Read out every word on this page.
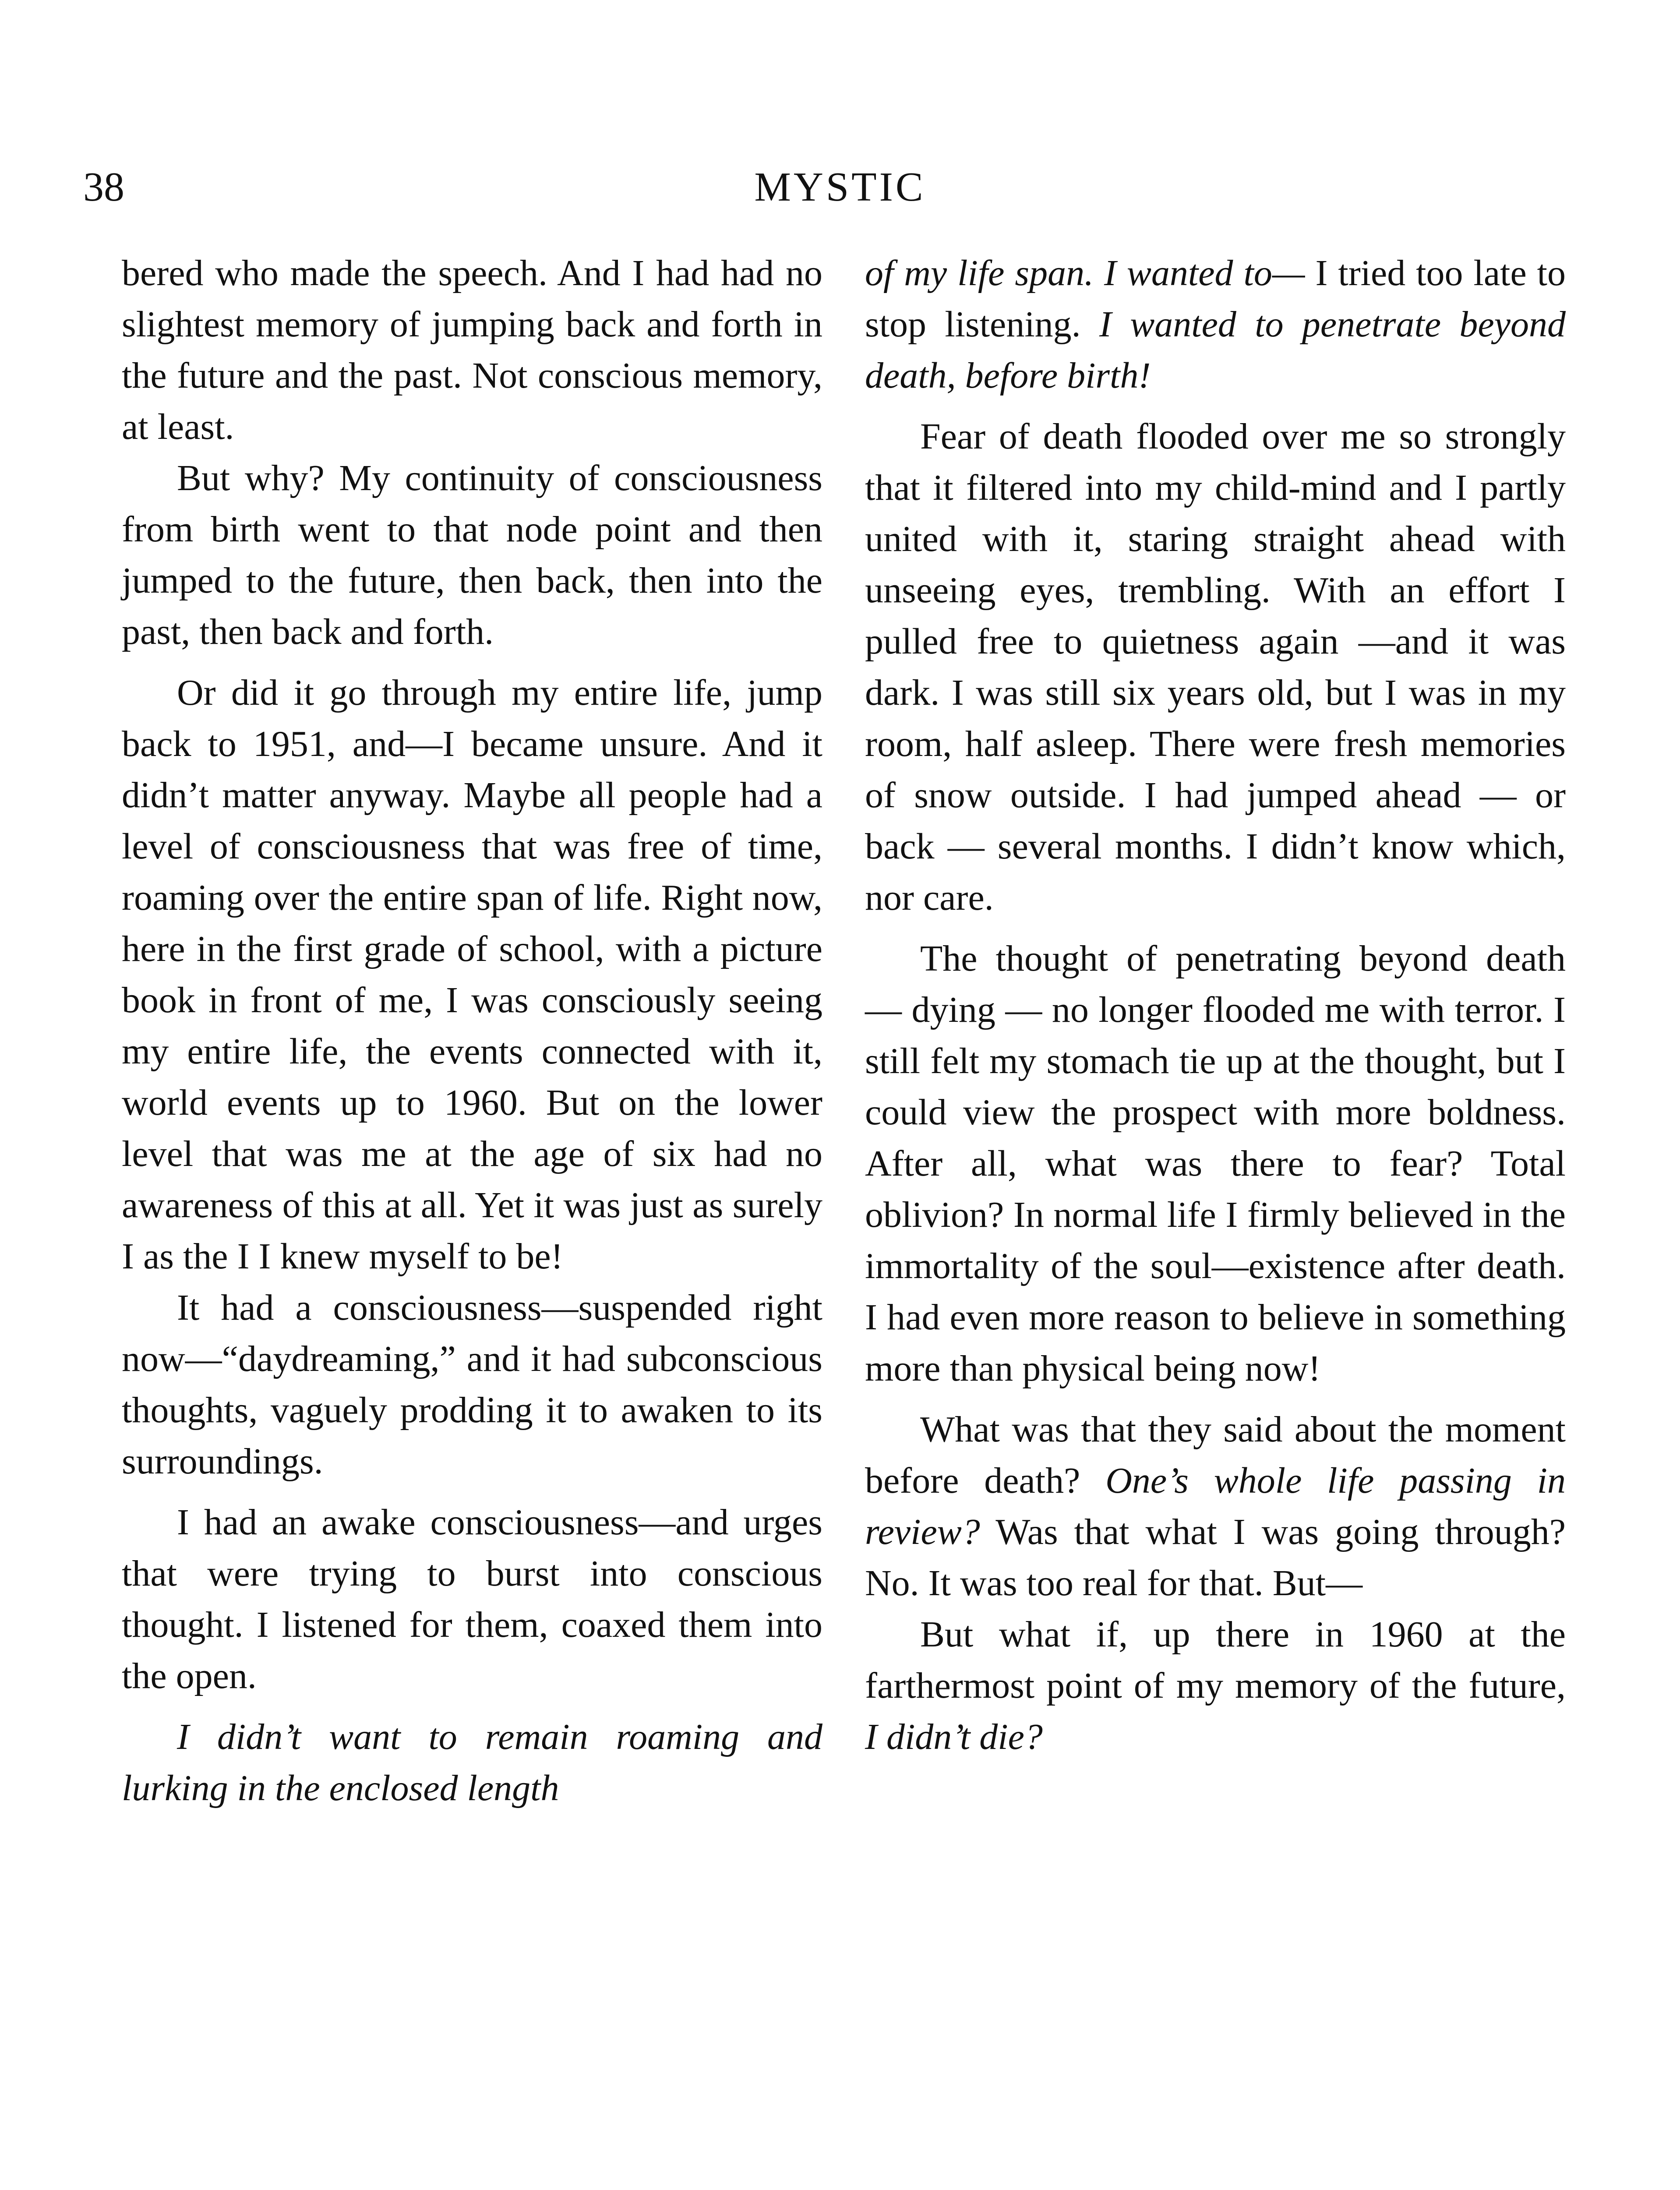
38	MYSTIC

bered who made the speech. And I had had no slightest memory of jumping back and forth in the future and the past. Not conscious memory, at least.

But why? My continuity of consciousness from birth went to that node point and then jumped to the future, then back, then into the past, then back and forth.

Or did it go through my entire life, jump back to 1951, and—I became unsure. And it didn’t matter anyway. Maybe all people had a level of consciousness that was free of time, roaming over the entire span of life. Right now, here in the first grade of school, with a picture book in front of me, I was consciously seeing my entire life, the events connected with it, world events up to 1960. But on the lower level that was me at the age of six had no awareness of this at all. Yet it was just as surely I as the I I knew myself to be!

It had a consciousness—suspended right now—“daydreaming,” and it had subconscious thoughts, vaguely prodding it to awaken to its surroundings.

I had an awake consciousness—and urges that were trying to burst into conscious thought. I listened for them, coaxed them into the open.

I didn’t want to remain roaming and lurking in the enclosed length

of my life span. I wanted to— I tried too late to stop listening. I wanted to penetrate beyond death, before birth!

Fear of death flooded over me so strongly that it filtered into my child-mind and I partly united with it, staring straight ahead with unseeing eyes, trembling. With an effort I pulled free to quietness again —and it was dark. I was still six years old, but I was in my room, half asleep. There were fresh memories of snow outside. I had jumped ahead — or back — several months. I didn’t know which, nor care.

The thought of penetrating beyond death — dying — no longer flooded me with terror. I still felt my stomach tie up at the thought, but I could view the prospect with more boldness. After all, what was there to fear? Total oblivion? In normal life I firmly believed in the immortality of the soul—existence after death. I had even more reason to believe in something more than physical being now!

What was that they said about the moment before death? One’s whole life passing in review? Was that what I was going through? No. It was too real for that. But—

But what if, up there in 1960 at the farthermost point of my memory of the future, I didn’t die?
